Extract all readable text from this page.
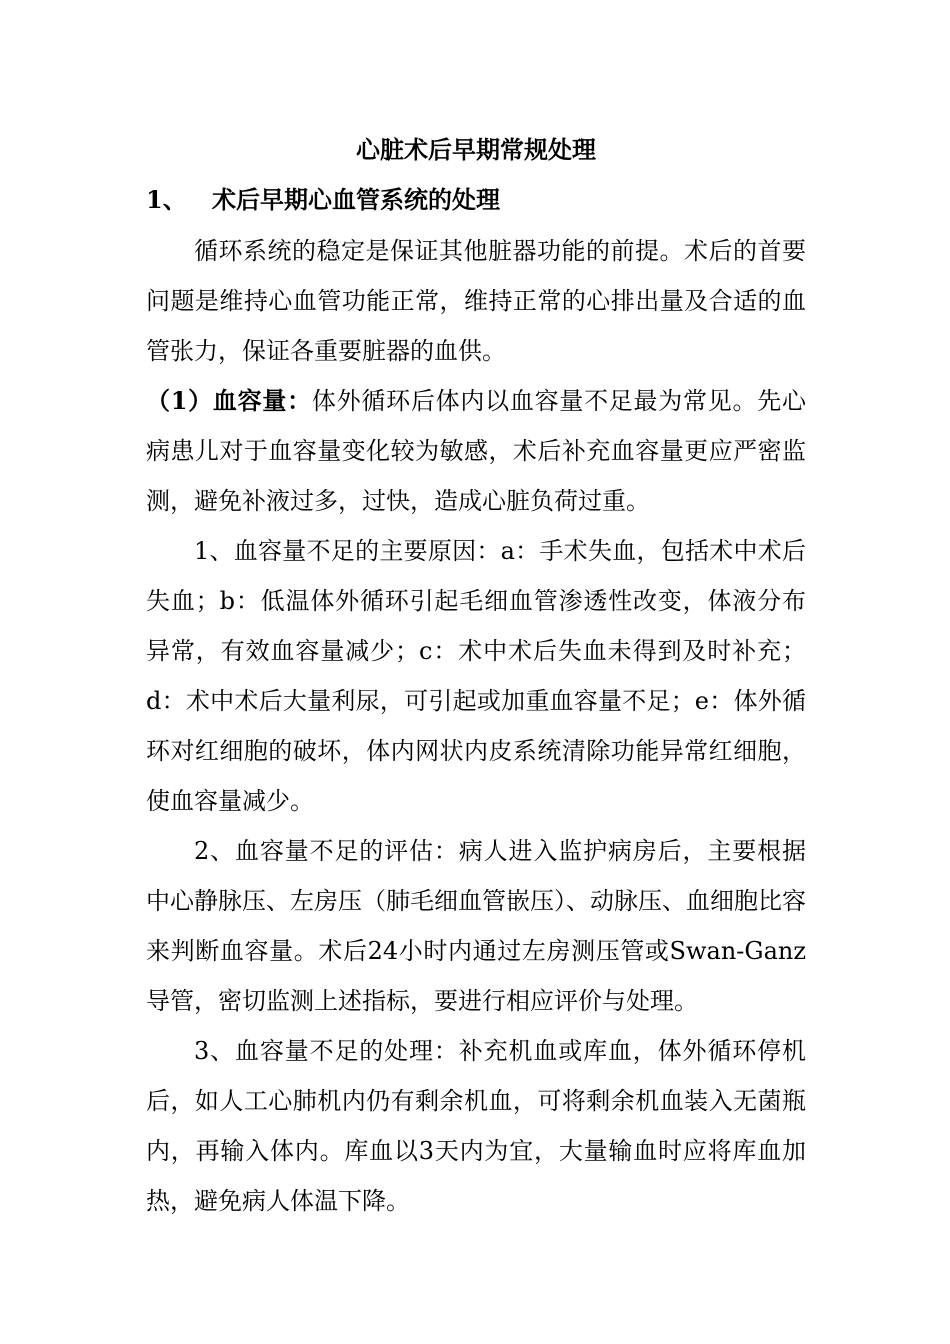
心脏术后早期常规处理
1、 术后早期心血管系统的处理

循环系统的稳定是保证其他脏器功能的前提。术后的首要问题是维持心血管功能正常，维持正常的心排出量及合适的血管张力，保证各重要脏器的血供。

（1）血容量：体外循环后体内以血容量不足最为常见。先心病患儿对于血容量变化较为敏感，术后补充血容量更应严密监测，避免补液过多，过快，造成心脏负荷过重。

1、血容量不足的主要原因：a：手术失血，包括术中术后失血；b：低温体外循环引起毛细血管渗透性改变，体液分布异常，有效血容量减少；c：术中术后失血未得到及时补充；d：术中术后大量利尿，可引起或加重血容量不足；e：体外循环对红细胞的破坏，体内网状内皮系统清除功能异常红细胞，使血容量减少。

2、血容量不足的评估：病人进入监护病房后，主要根据中心静脉压、左房压（肺毛细血管嵌压）、动脉压、血细胞比容来判断血容量。术后24小时内通过左房测压管或Swan-Ganz导管，密切监测上述指标，要进行相应评价与处理。

3、血容量不足的处理：补充机血或库血，体外循环停机后，如人工心肺机内仍有剩余机血，可将剩余机血装入无菌瓶内，再输入体内。库血以3天内为宜，大量输血时应将库血加热，避免病人体温下降。
